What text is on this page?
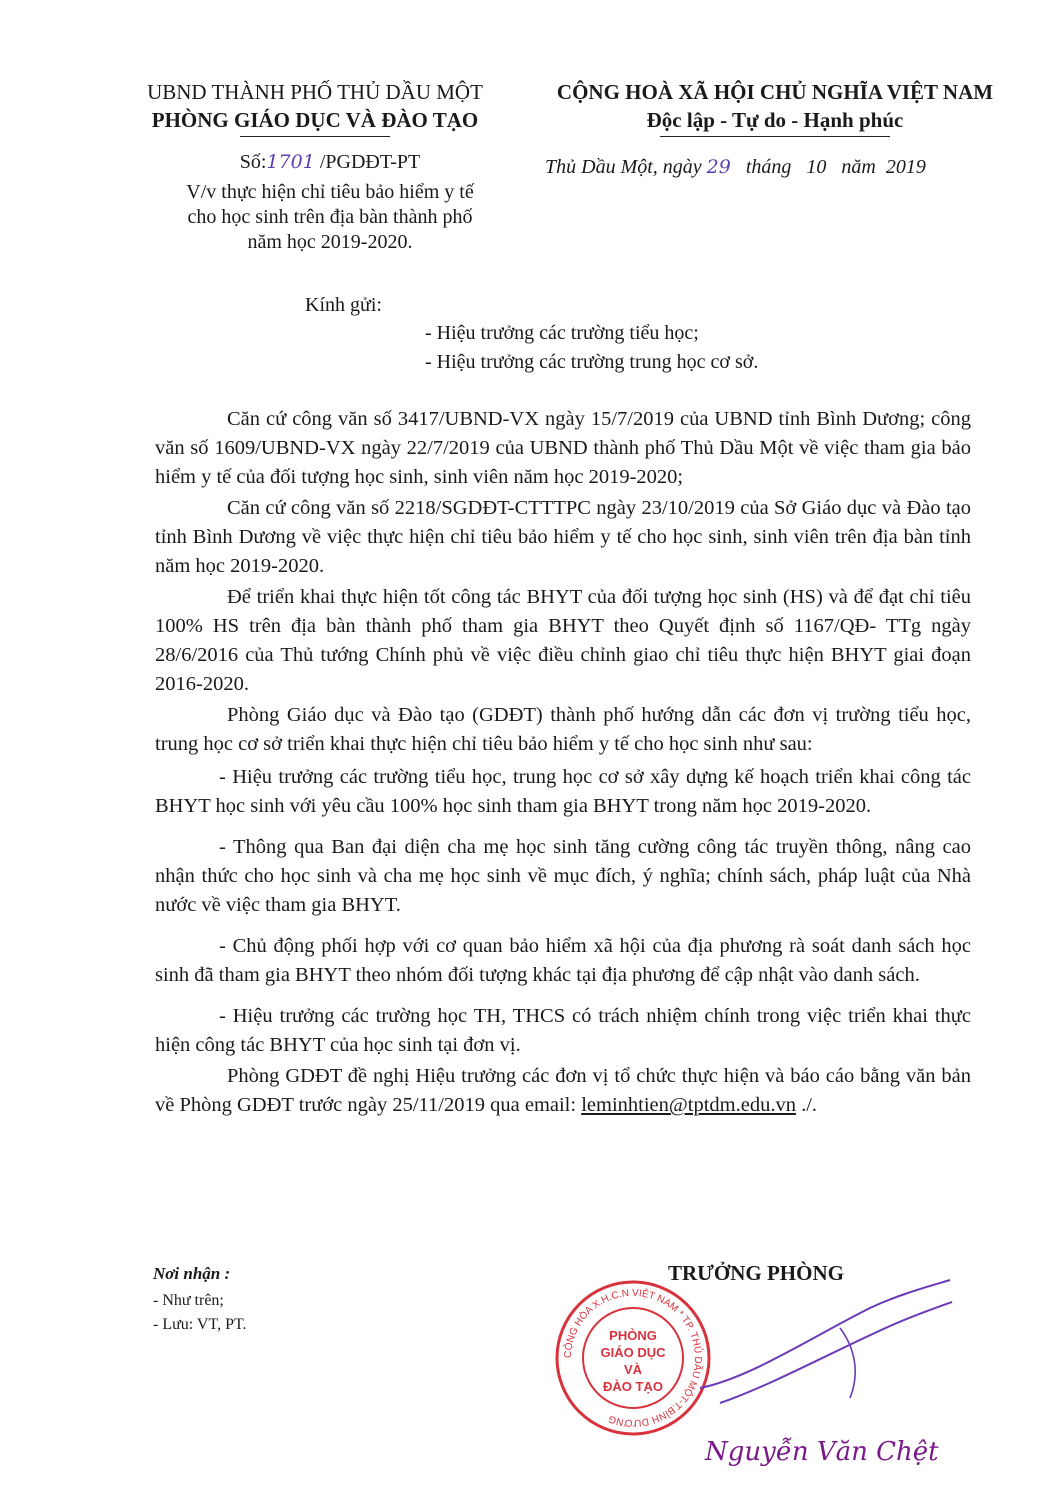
UBND THÀNH PHỐ THỦ DẦU MỘT
PHÒNG GIÁO DỤC VÀ ĐÀO TẠO
CỘNG HOÀ XÃ HỘI CHỦ NGHĨA VIỆT NAM
Độc lập - Tự do - Hạnh phúc
Số:1701 /PGDĐT-PT
V/v thực hiện chỉ tiêu bảo hiểm y tế
cho học sinh trên địa bàn thành phố
năm học 2019-2020.
Thủ Dầu Một, ngày 29 tháng 10 năm 2019
Kính gửi:
- Hiệu trưởng các trường tiểu học;
- Hiệu trưởng các trường trung học cơ sở.

Căn cứ công văn số 3417/UBND-VX ngày 15/7/2019 của UBND tỉnh Bình Dương; công văn số 1609/UBND-VX ngày 22/7/2019 của UBND thành phố Thủ Dầu Một về việc tham gia bảo hiểm y tế của đối tượng học sinh, sinh viên năm học 2019-2020;

Căn cứ công văn số 2218/SGDĐT-CTTTPC ngày 23/10/2019 của Sở Giáo dục và Đào tạo tỉnh Bình Dương về việc thực hiện chỉ tiêu bảo hiểm y tế cho học sinh, sinh viên trên địa bàn tỉnh năm học 2019-2020.

Để triển khai thực hiện tốt công tác BHYT của đối tượng học sinh (HS) và để đạt chỉ tiêu 100% HS trên địa bàn thành phố tham gia BHYT theo Quyết định số 1167/QĐ- TTg ngày 28/6/2016 của Thủ tướng Chính phủ về việc điều chỉnh giao chỉ tiêu thực hiện BHYT giai đoạn 2016-2020.

Phòng Giáo dục và Đào tạo (GDĐT) thành phố hướng dẫn các đơn vị trường tiểu học, trung học cơ sở triển khai thực hiện chỉ tiêu bảo hiểm y tế cho học sinh như sau:

- Hiệu trưởng các trường tiểu học, trung học cơ sở xây dựng kế hoạch triển khai công tác BHYT học sinh với yêu cầu 100% học sinh tham gia BHYT trong năm học 2019-2020.

- Thông qua Ban đại diện cha mẹ học sinh tăng cường công tác truyền thông, nâng cao nhận thức cho học sinh và cha mẹ học sinh về mục đích, ý nghĩa; chính sách, pháp luật của Nhà nước về việc tham gia BHYT.

- Chủ động phối hợp với cơ quan bảo hiểm xã hội của địa phương rà soát danh sách học sinh đã tham gia BHYT theo nhóm đối tượng khác tại địa phương để cập nhật vào danh sách.

- Hiệu trưởng các trường học TH, THCS có trách nhiệm chính trong việc triển khai thực hiện công tác BHYT của học sinh tại đơn vị.

Phòng GDĐT đề nghị Hiệu trưởng các đơn vị tổ chức thực hiện và báo cáo bằng văn bản về Phòng GDĐT trước ngày 25/11/2019 qua email: leminhtien@tptdm.edu.vn ./.

Nơi nhận :
- Như trên;
- Lưu: VT, PT.
TRƯỞNG PHÒNG
CỘNG HÒA X.H.C.N VIỆT NAM * TP. THỦ DẦU MỘT-T.BÌNH DƯƠNG
PHÒNG
GIÁO DỤC
VÀ
ĐÀO TẠO
Nguyễn Văn Chệt
